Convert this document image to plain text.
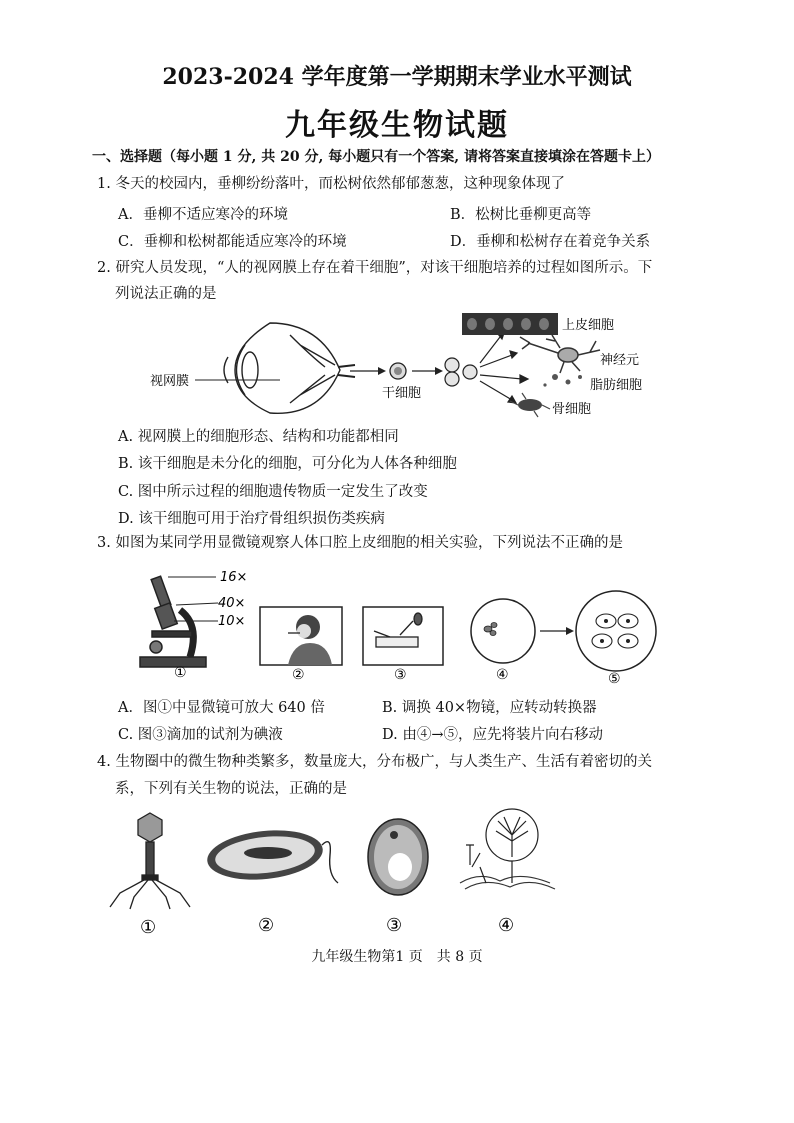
2023-2024 学年度第一学期期末学业水平测试
九年级生物试题
一、选择题（每小题 1 分, 共 20 分, 每小题只有一个答案, 请将答案直接填涂在答题卡上）
1. 冬天的校园内，垂柳纷纷落叶，而松树依然郁郁葱葱，这种现象体现了
A．垂柳不适应寒冷的环境	B．松树比垂柳更高等
C．垂柳和松树都能适应寒冷的环境	D．垂柳和松树存在着竞争关系
2. 研究人员发现，“人的视网膜上存在着干细胞”，对该干细胞培养的过程如图所示。下
列说法正确的是
视网膜
干细胞
上皮细胞
神经元
脂肪细胞
骨细胞
A. 视网膜上的细胞形态、结构和功能都相同
B. 该干细胞是未分化的细胞，可分化为人体各种细胞
C. 图中所示过程的细胞遗传物质一定发生了改变
D. 该干细胞可用于治疗骨组织损伤类疾病
3. 如图为某同学用显微镜观察人体口腔上皮细胞的相关实验，下列说法不正确的是
16×
40×
10×
①	②	③	④	⑤
A．图①中显微镜可放大 640 倍	B. 调换 40×物镜，应转动转换器
C. 图③滴加的试剂为碘液	D. 由④→⑤，应先将装片向右移动
4. 生物圈中的微生物种类繁多，数量庞大，分布极广，与人类生产、生活有着密切的关
系，下列有关生物的说法，正确的是
①	②	③	④
九年级生物第1 页　共 8 页
